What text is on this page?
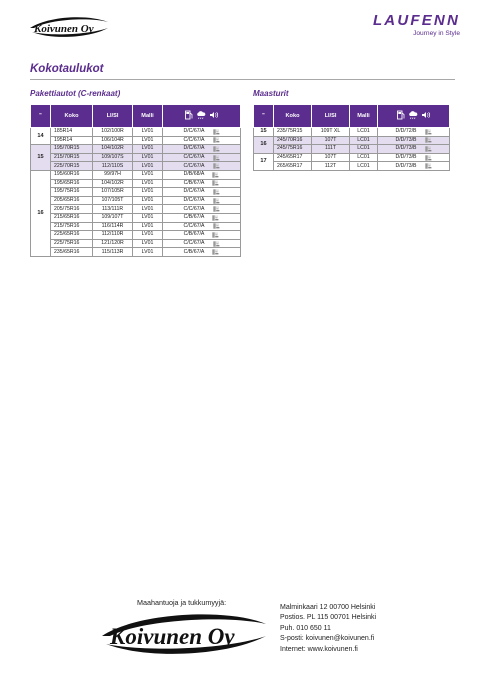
Koivunen Oy	LAUFENN
Journey in Style
Kokotaulukot
Pakettiautot (C-renkaat)	Maasturit
"	Koko	LI/SI	Malli	

14	185R14	102/100R	LV01	D/C/67/A

	195R14	106/104R	LV01	C/C/67/A

15	195/70R15	104/102R	LV01	D/C/67/A

	215/70R15	109/107S	LV01	C/C/67/A

	225/70R15	112/110S	LV01	C/C/67/A

16	195/60R16	99/97H	LV01	D/B/68/A

	195/65R16	104/102R	LV01	C/B/67/A

	195/75R16	107/105R	LV01	D/C/67/A

	205/65R16	107/105T	LV01	D/C/67/A

	205/75R16	113/111R	LV01	C/C/67/A

	215/65R16	109/107T	LV01	C/B/67/A

	215/75R16	116/114R	LV01	C/C/67/A

	225/65R16	112/110R	LV01	C/B/67/A

	225/75R16	121/120R	LV01	C/C/67/A

	235/65R16	115/113R	LV01	C/B/67/A
"	Koko	LI/SI	Malli	

15	235/75R15	109T XL	LC01	D/D/72/B

16	245/70R16	107T	LC01	D/D/73/B

	245/75R16	111T	LC01	D/D/73/B

17	245/65R17	107T	LC01	D/D/73/B

	265/65R17	112T	LC01	D/D/73/B
Maahantuoja ja tukkumyyjä:
Koivunen Oy
Malminkaari 12 00700 Helsinki
Postios. PL 115 00701 Helsinki
Puh. 010 650 11
S-posti: koivunen@koivunen.fi
Internet: www.koivunen.fi
